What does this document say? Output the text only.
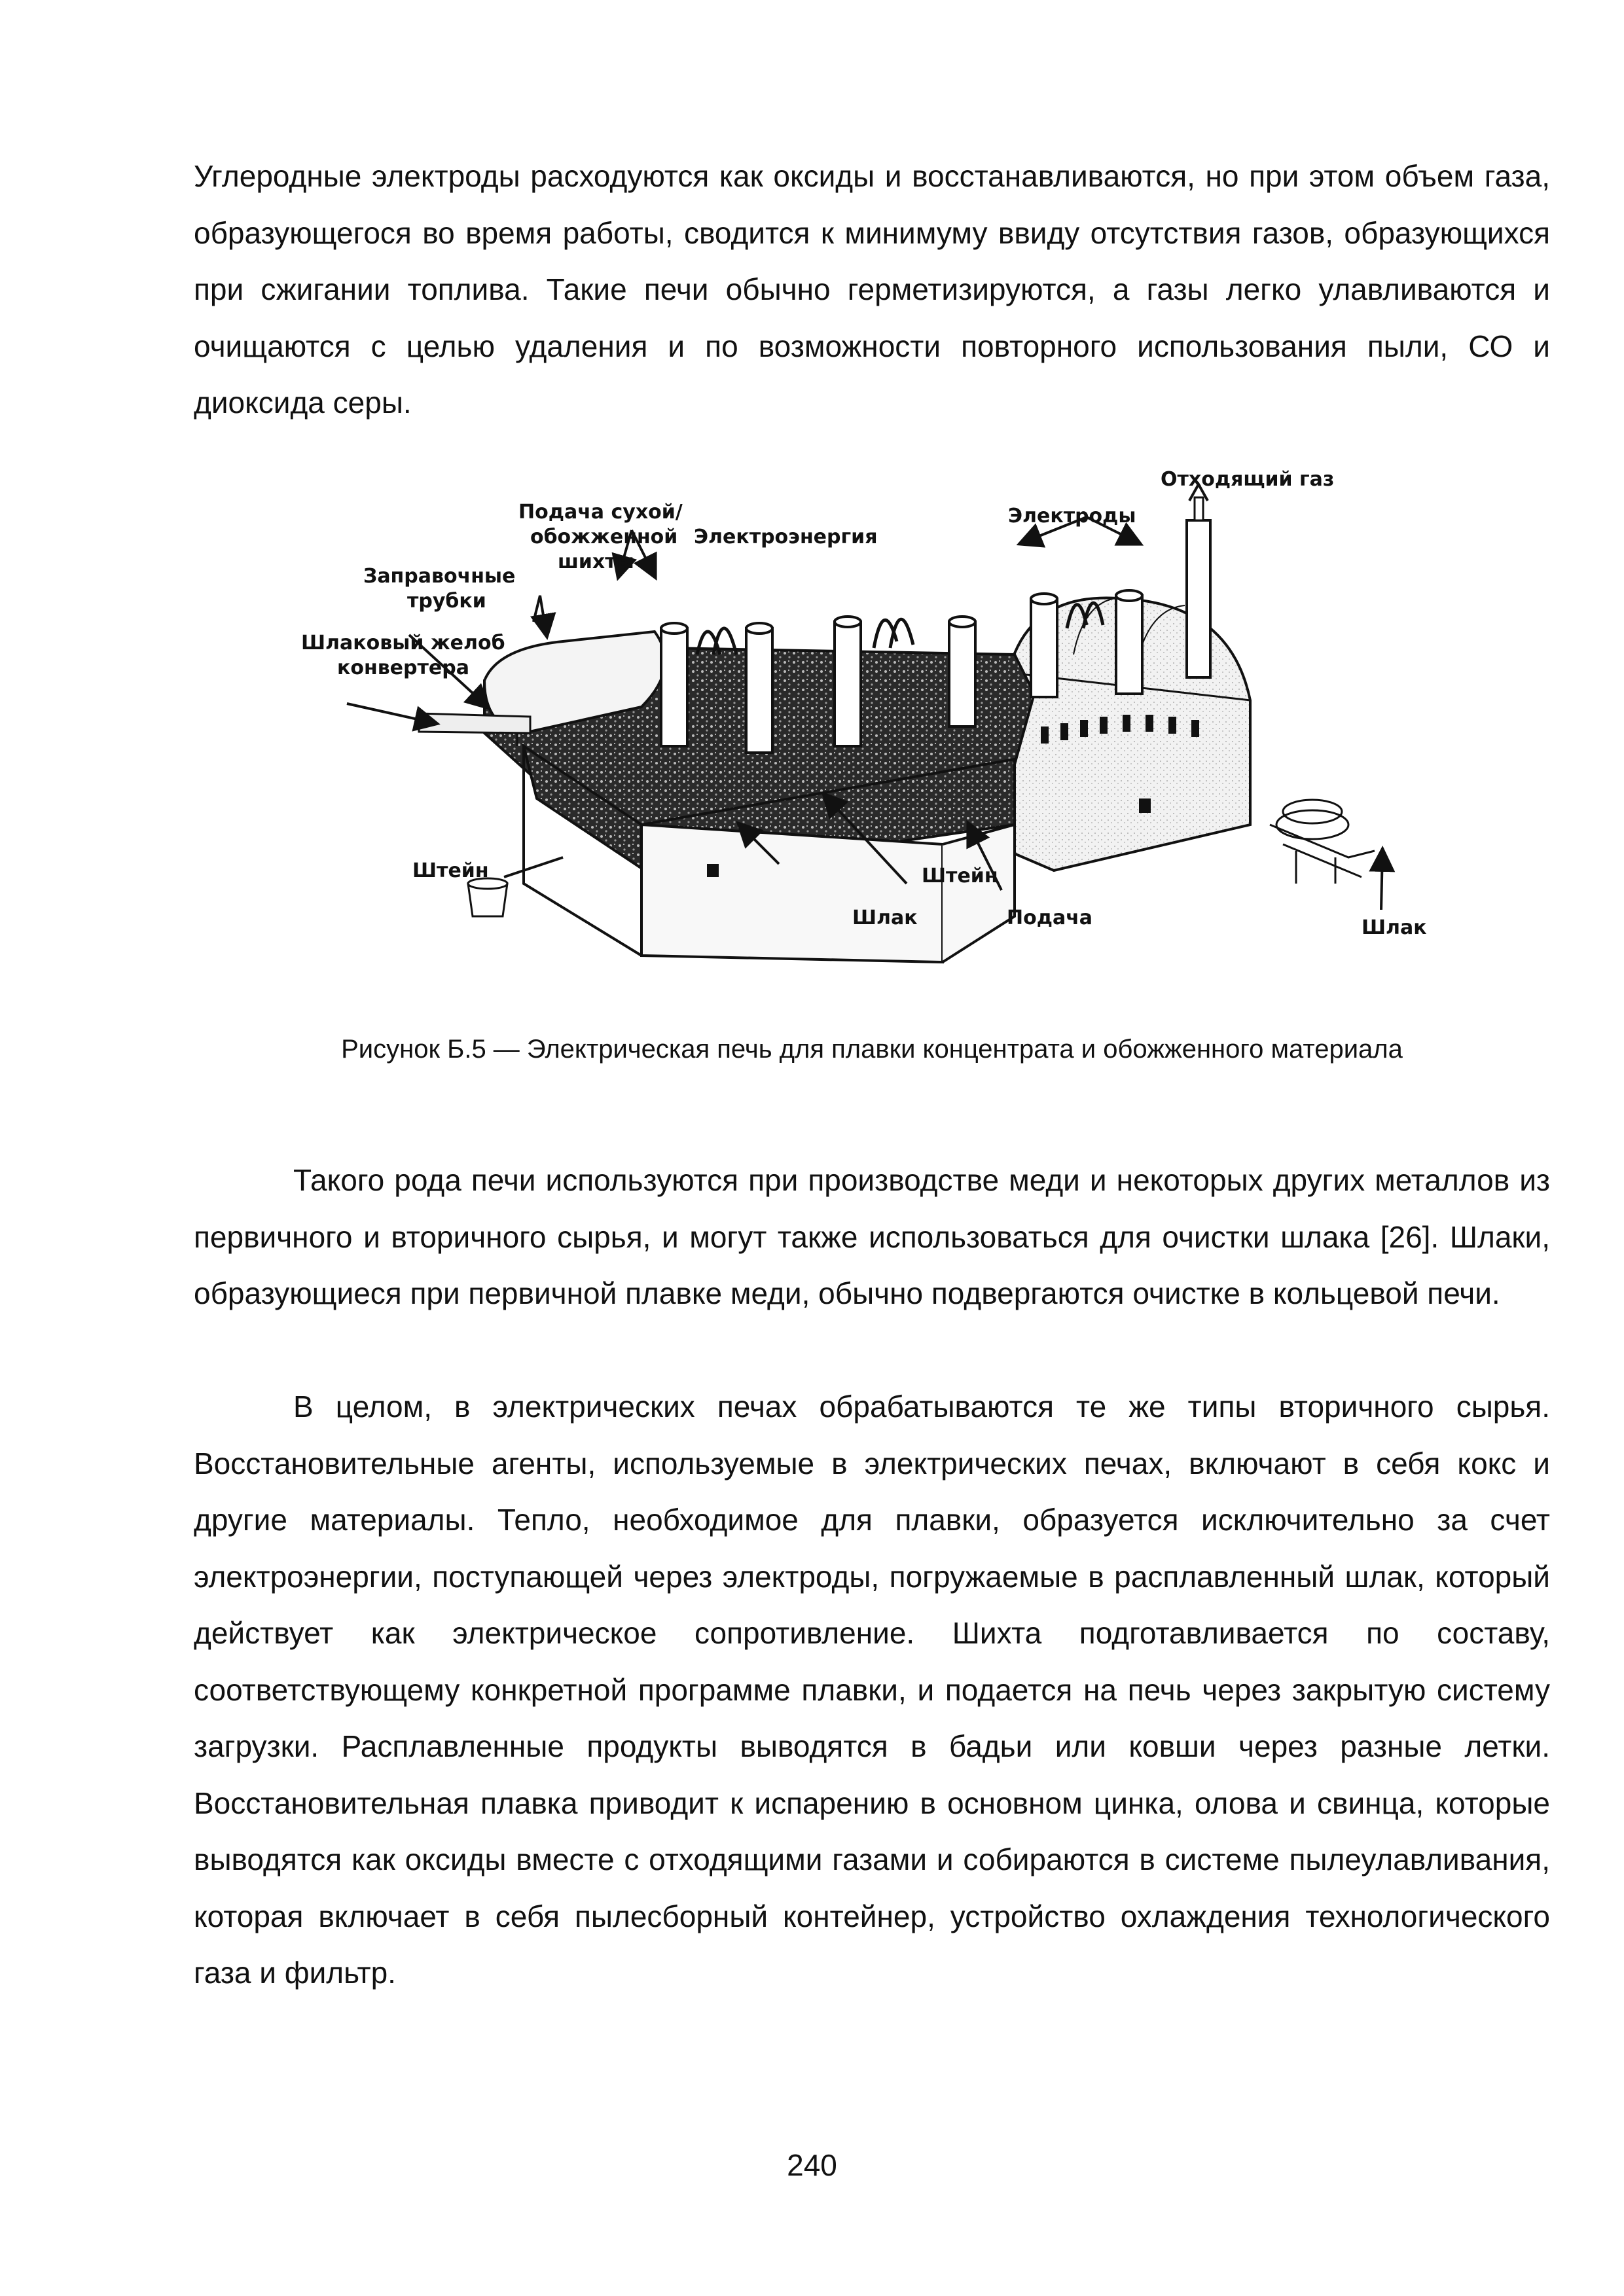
Углеродные электроды расходуются как оксиды и восстанавливаются, но при этом объем газа, образующегося во время работы, сводится к минимуму ввиду отсутствия газов, образующихся при сжигании топлива. Такие печи обычно герметизируются, а газы легко улавливаются и очищаются с целью удаления и по возможности повторного использования пыли, СО и диоксида серы.

Отходящий газ
Подача сухой/
обожженной
шихты
Электроды
Электроэнергия
Заправочные
трубки
Шлаковый желоб
конвертера
Штейн	Штейн
Шлак	Подача	Шлак

Рисунок Б.5 — Электрическая печь для плавки концентрата и обожженного материала

Такого рода печи используются при производстве меди и некоторых других металлов из первичного и вторичного сырья, и могут также использоваться для очистки шлака [26]. Шлаки, образующиеся при первичной плавке меди, обычно подвергаются очистке в кольцевой печи.

В целом, в электрических печах обрабатываются те же типы вторичного сырья. Восстановительные агенты, используемые в электрических печах, включают в себя кокс и другие материалы. Тепло, необходимое для плавки, образуется исключительно за счет электроэнергии, поступающей через электроды, погружаемые в расплавленный шлак, который действует как электрическое сопротивление. Шихта подготавливается по составу, соответствующему конкретной программе плавки, и подается на печь через закрытую систему загрузки. Расплавленные продукты выводятся в бадьи или ковши через разные летки. Восстановительная плавка приводит к испарению в основном цинка, олова и свинца, которые выводятся как оксиды вместе с отходящими газами и собираются в системе пылеулавливания, которая включает в себя пылесборный контейнер, устройство охлаждения технологического газа и фильтр.

240
